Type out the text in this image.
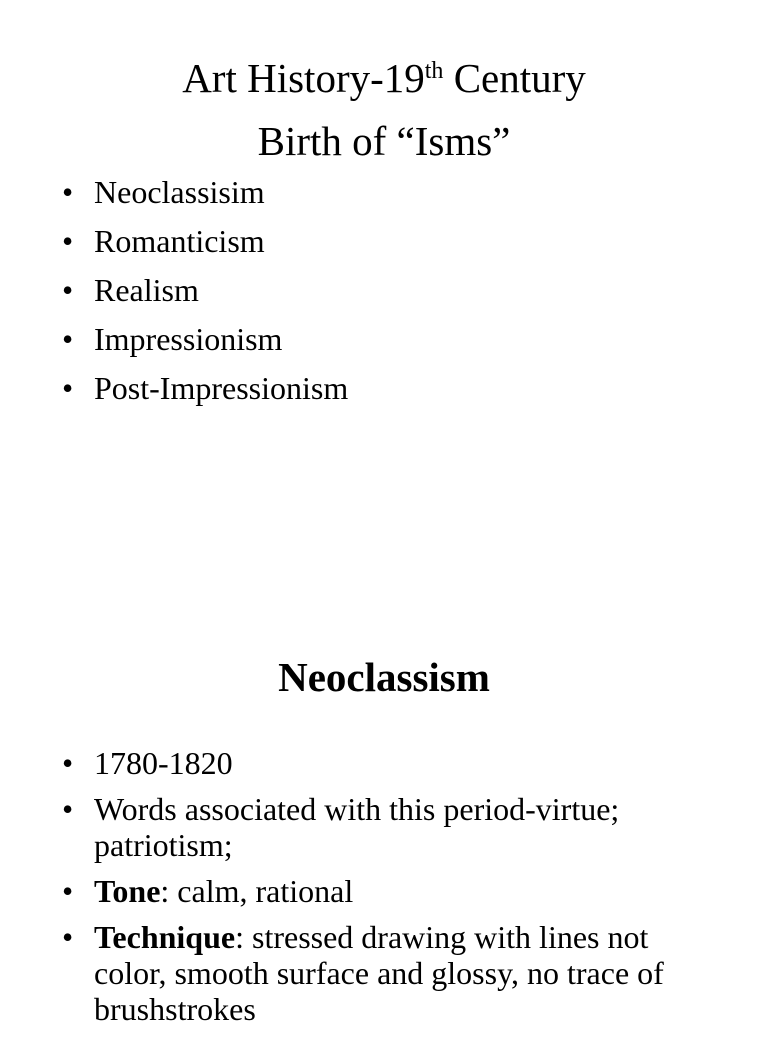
Art History-19th Century
Birth of “Isms”
• Neoclassisim
• Romanticism
• Realism
• Impressionism
• Post-Impressionism
Neoclassism
• 1780-1820
• Words associated with this period-virtue; patriotism;
• Tone: calm, rational
• Technique: stressed drawing with lines not color, smooth surface and glossy, no trace of brushstrokes
